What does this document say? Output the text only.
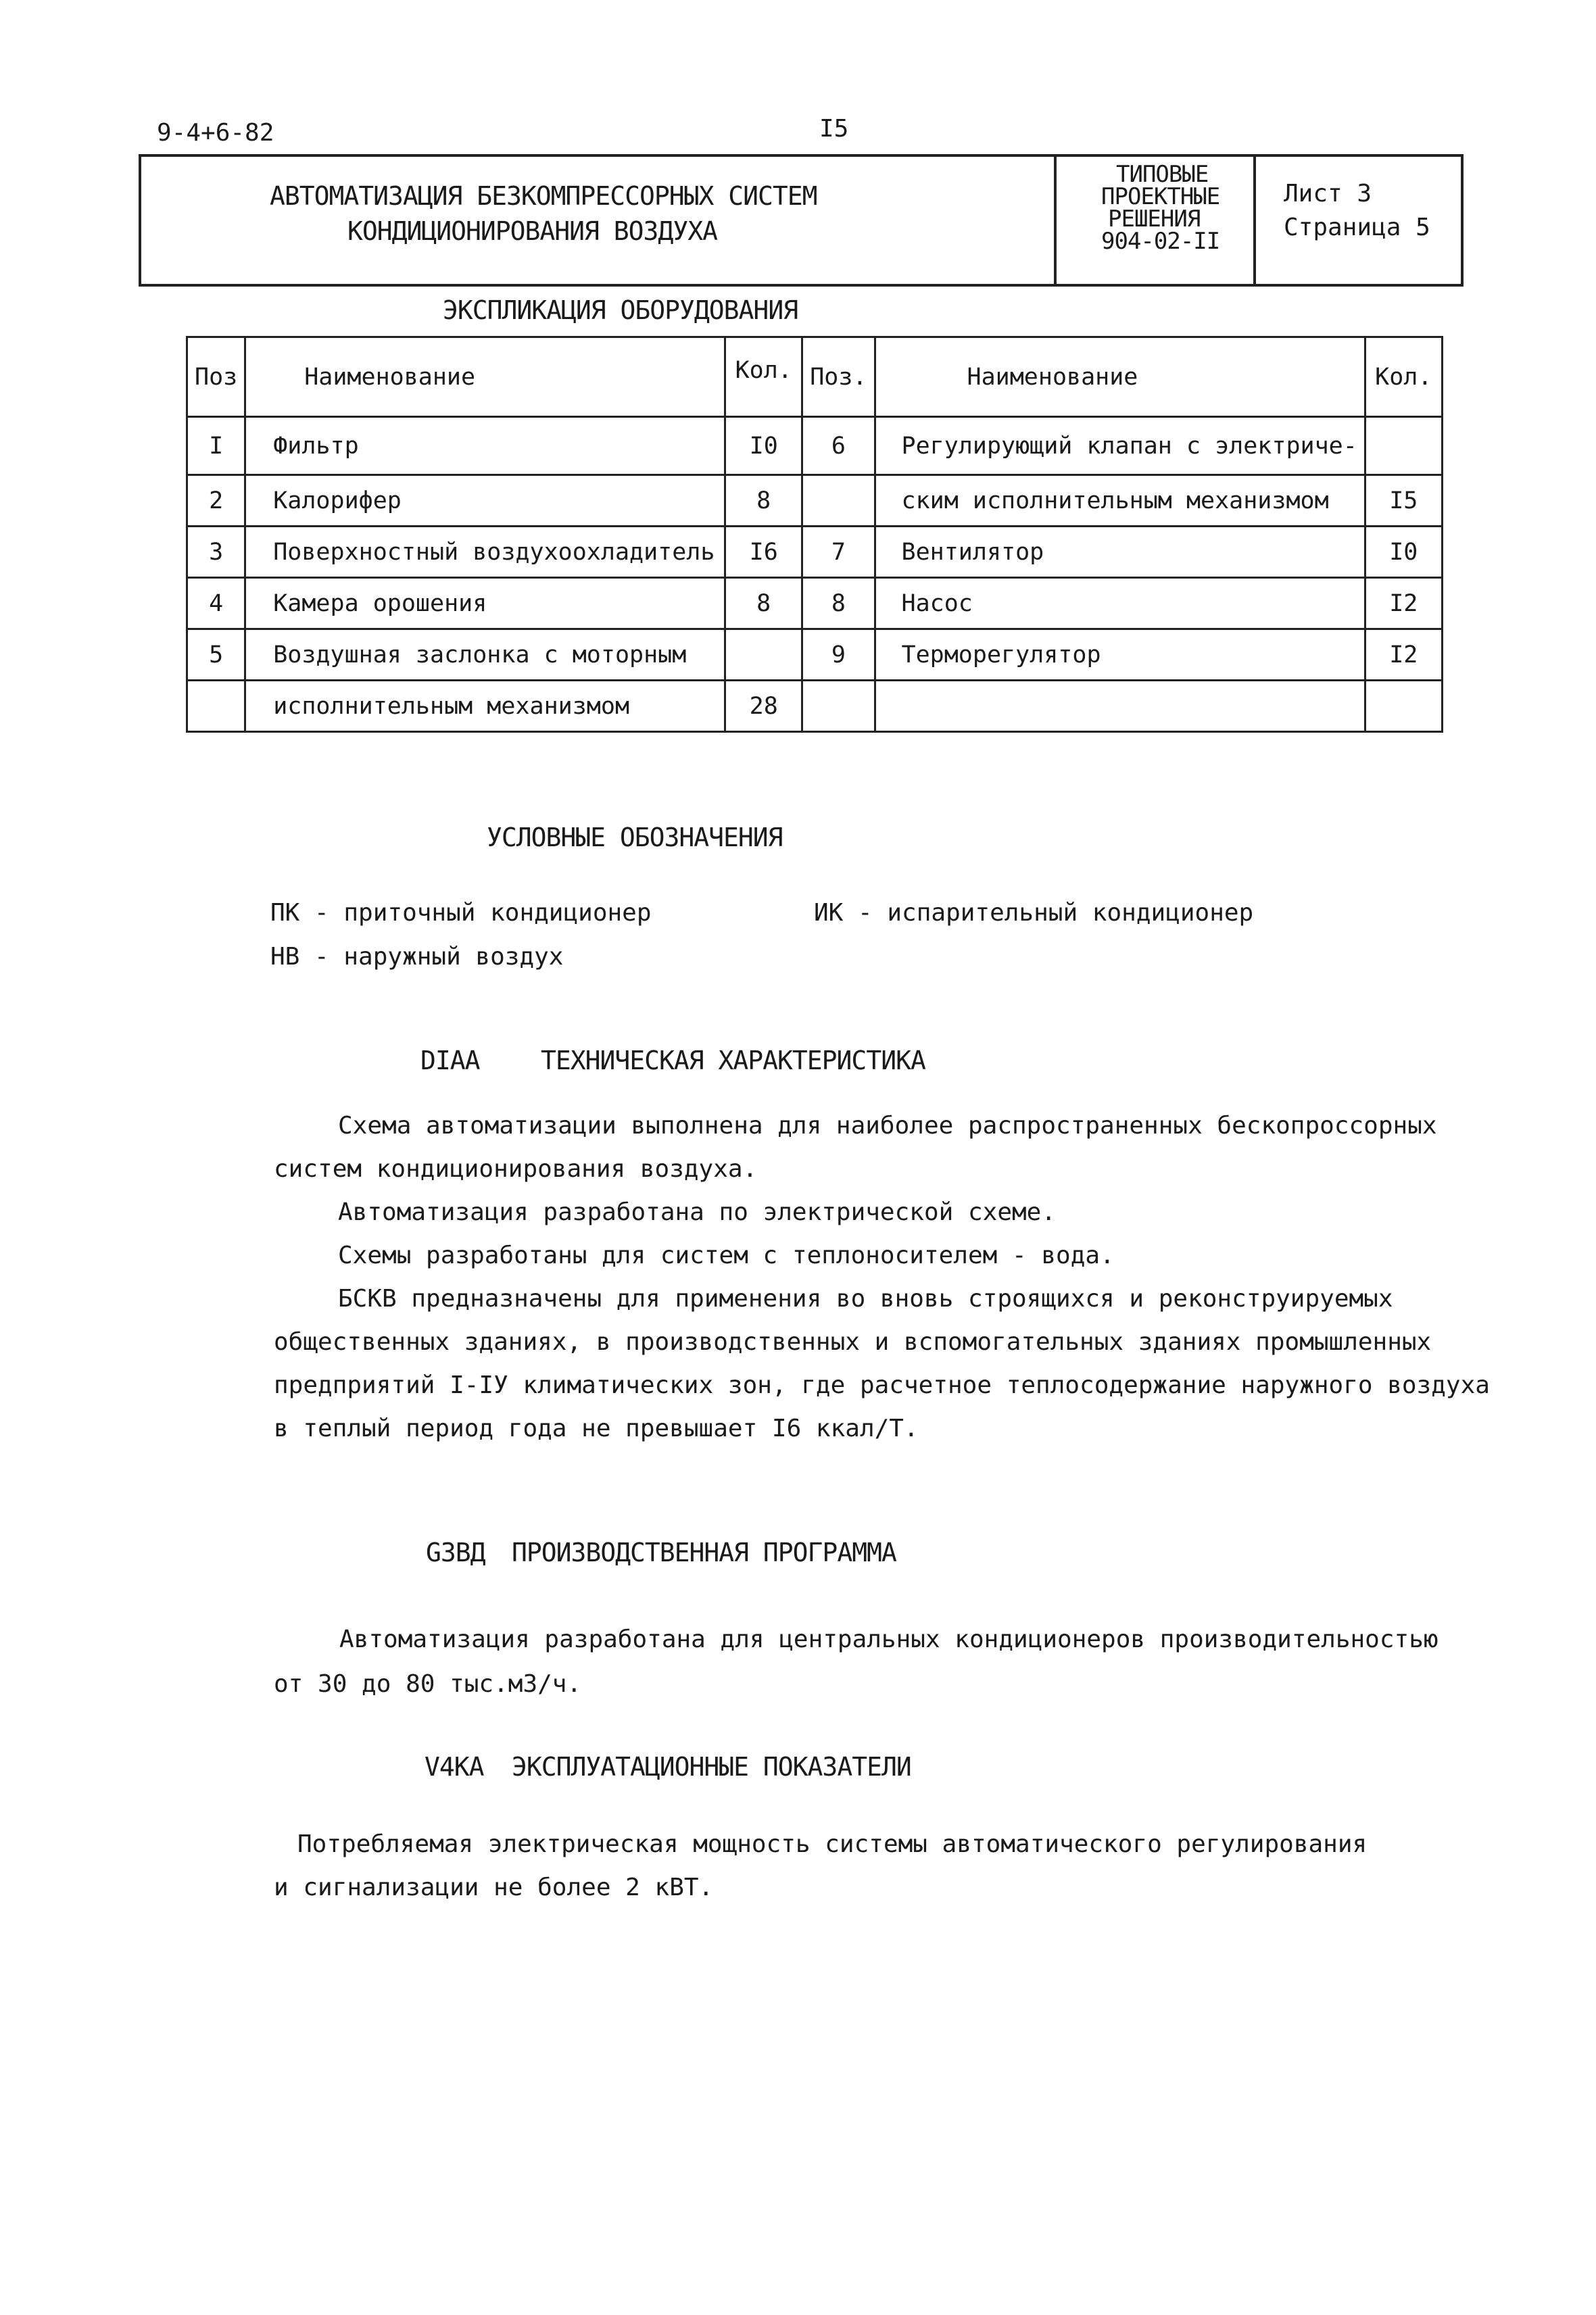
9-4+6-82	I5
АВТОМАТИЗАЦИЯ БЕЗКОМПРЕССОРНЫХ СИСТЕМ
КОНДИЦИОНИРОВАНИЯ ВОЗДУХА
ТИПОВЫЕ
ПРОЕКТНЫЕ
РЕШЕНИЯ
904-02-II
Лист 3
Страница 5
ЭКСПЛИКАЦИЯ ОБОРУДОВАНИЯ
Поз	Наименование	Кол.	Поз.	Наименование	Кол.
I	Фильтр	I0	6	Регулирующий клапан с электриче-	
2	Калорифер	8		ским исполнительным механизмом	I5
3	Поверхностный воздухоохладитель	I6	7	Вентилятор	I0
4	Камера орошения	8	8	Насос	I2
5	Воздушная заслонка с моторным		9	Терморегулятор	I2
	исполнительным механизмом	28			
УСЛОВНЫЕ ОБОЗНАЧЕНИЯ
ПК - приточный кондиционер	ИК - испарительный кондиционер
НВ - наружный воздух
DIAA ТЕХНИЧЕСКАЯ ХАРАКТЕРИСТИКА
Схема автоматизации выполнена для наиболее распространенных бескопроссорных
систем кондиционирования воздуха.
Автоматизация разработана по электрической схеме.
Схемы разработаны для систем с теплоносителем - вода.
БСКВ предназначены для применения во вновь строящихся и реконструируемых
общественных зданиях, в производственных и вспомогательных зданиях промышленных
предприятий I-IУ климатических зон, где расчетное теплосодержание наружного воздуха
в теплый период года не превышает I6 ккал/Т.
G3ВД ПРОИЗВОДСТВЕННАЯ ПРОГРАММА
Автоматизация разработана для центральных кондиционеров производительностью
от 30 до 80 тыс.м3/ч.
V4КА ЭКСПЛУАТАЦИОННЫЕ ПОКАЗАТЕЛИ
Потребляемая электрическая мощность системы автоматического регулирования
и сигнализации не более 2 кВТ.
